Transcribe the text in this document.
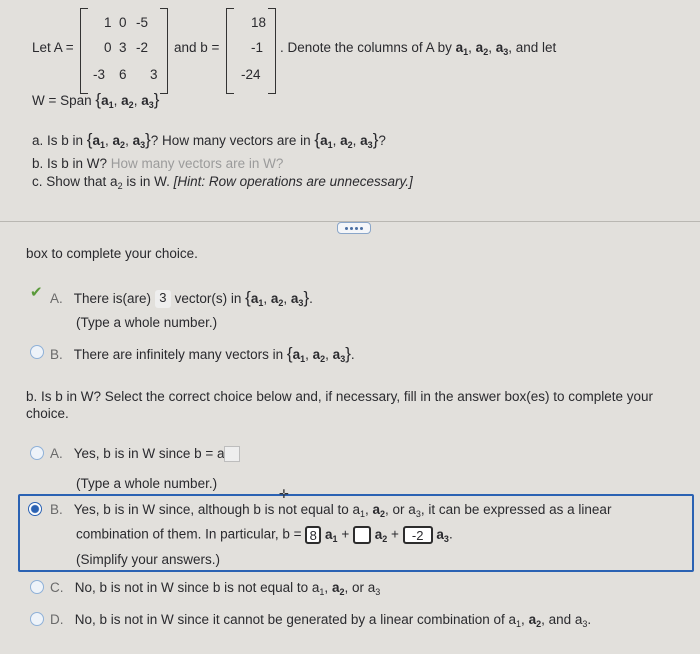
Let A =
1 0 -5
0 3 -2
-3 6 3
and b =
18
-1
-24
. Denote the columns of A by $a_1$, $a_2$, $a_3$, and let
W = Span {$a_1$, $a_2$, $a_3$}
a. Is b in {$a_1$, $a_2$, $a_3$}? How many vectors are in {$a_1$, $a_2$, $a_3$}?
b. Is b in W? How many vectors are in W?
c. Show that $a_2$ is in W. [Hint: Row operations are unnecessary.]
box to complete your choice.
✔ A. There is(are) 3 vector(s) in {$a_1$, $a_2$, $a_3$}.
(Type a whole number.)
B. There are infinitely many vectors in {$a_1$, $a_2$, $a_3$}.
b. Is b in W? Select the correct choice below and, if necessary, fill in the answer box(es) to complete your
choice.
A. Yes, b is in W since b = a
(Type a whole number.)
✛
B. Yes, b is in W since, although b is not equal to $a_1$, $a_2$, or $a_3$, it can be expressed as a linear
combination of them. In particular, b = 8 $a_1 + a_2 + -2$ $a_3$.
(Simplify your answers.)
C. No, b is not in W since b is not equal to $a_1$, $a_2$, or $a_3$
D. No, b is not in W since it cannot be generated by a linear combination of $a_1$, $a_2$, and $a_3$.
